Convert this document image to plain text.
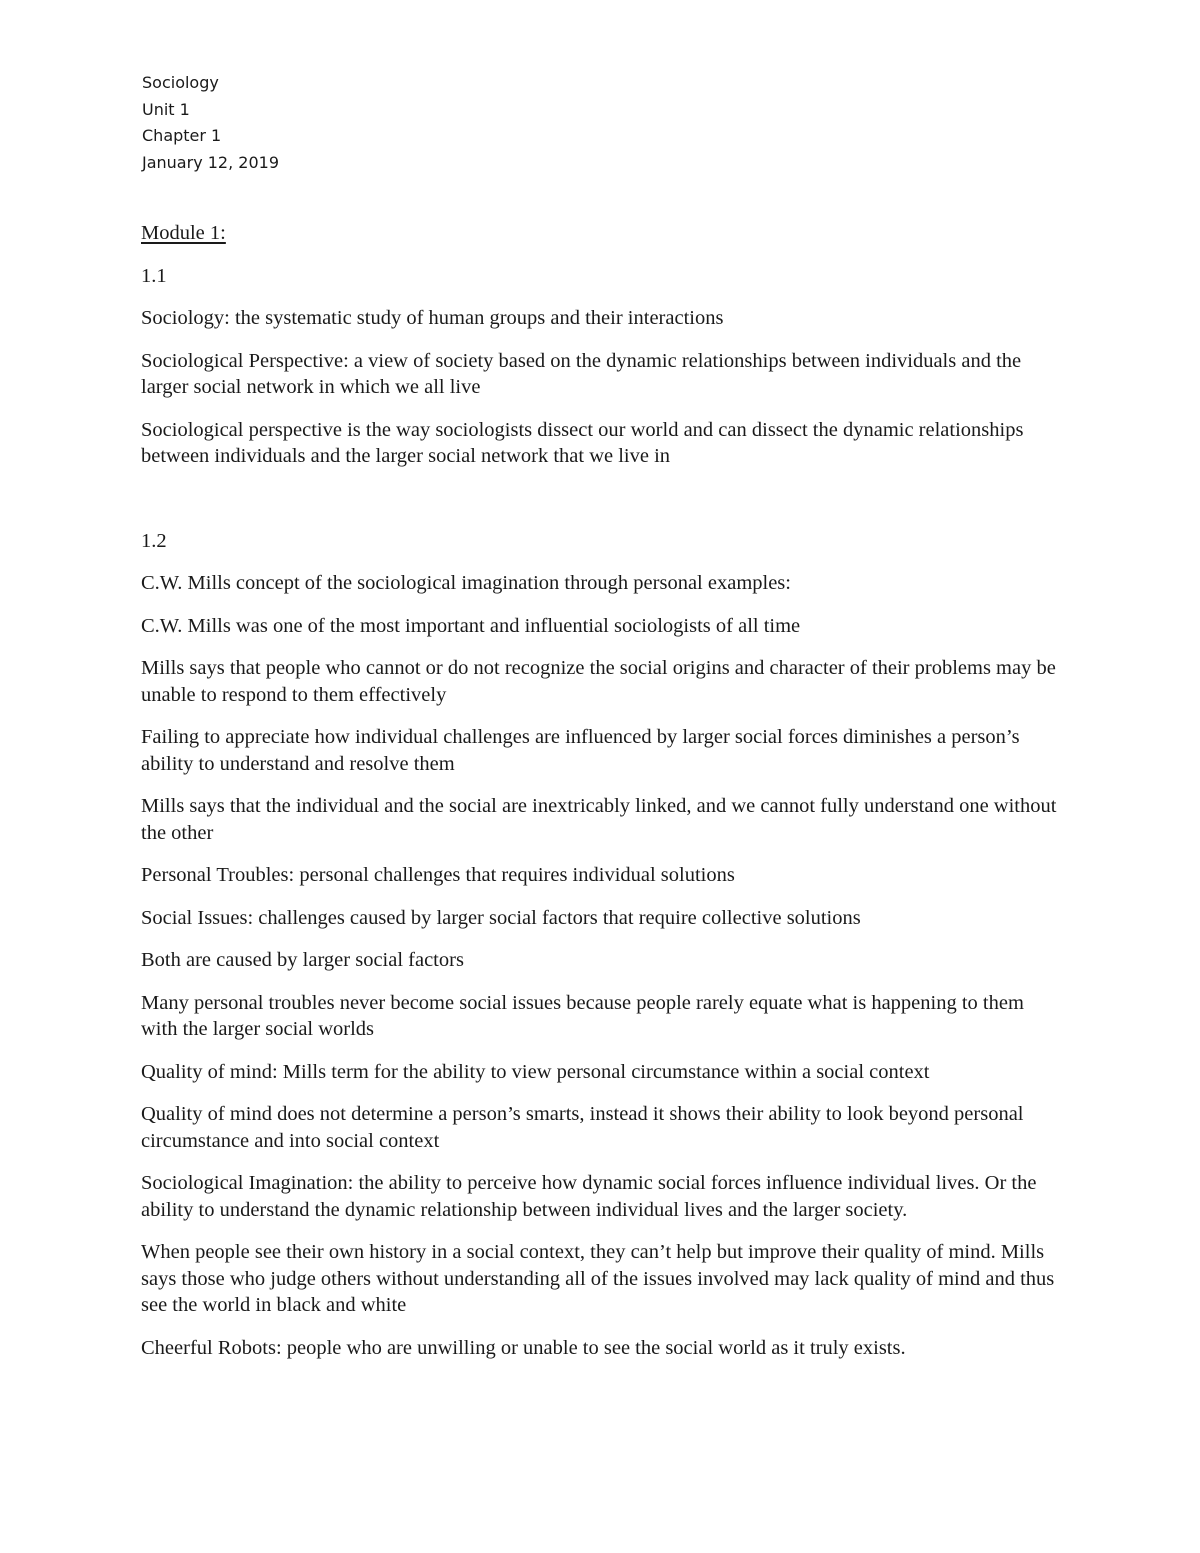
Sociology
Unit 1
Chapter 1
January 12, 2019
Module 1:
1.1

Sociology: the systematic study of human groups and their interactions

Sociological Perspective: a view of society based on the dynamic relationships between individuals and the larger social network in which we all live

Sociological perspective is the way sociologists dissect our world and can dissect the dynamic relationships between individuals and the larger social network that we live in

1.2

C.W. Mills concept of the sociological imagination through personal examples:

C.W. Mills was one of the most important and influential sociologists of all time

Mills says that people who cannot or do not recognize the social origins and character of their problems may be unable to respond to them effectively

Failing to appreciate how individual challenges are influenced by larger social forces diminishes a person’s ability to understand and resolve them

Mills says that the individual and the social are inextricably linked, and we cannot fully understand one without the other

Personal Troubles: personal challenges that requires individual solutions

Social Issues: challenges caused by larger social factors that require collective solutions

Both are caused by larger social factors

Many personal troubles never become social issues because people rarely equate what is happening to them with the larger social worlds

Quality of mind: Mills term for the ability to view personal circumstance within a social context

Quality of mind does not determine a person’s smarts, instead it shows their ability to look beyond personal circumstance and into social context

Sociological Imagination: the ability to perceive how dynamic social forces influence individual lives. Or the ability to understand the dynamic relationship between individual lives and the larger society.

When people see their own history in a social context, they can’t help but improve their quality of mind. Mills says those who judge others without understanding all of the issues involved may lack quality of mind and thus see the world in black and white

Cheerful Robots: people who are unwilling or unable to see the social world as it truly exists.
